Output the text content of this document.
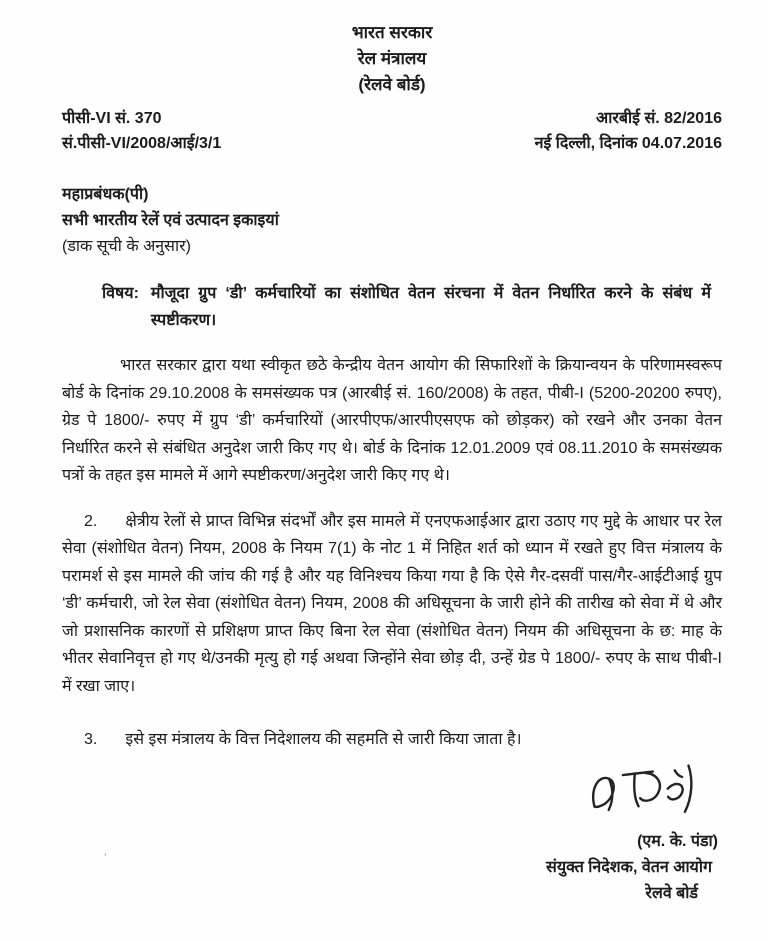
भारत सरकार
रेल मंत्रालय
(रेलवे बोर्ड)
पीसी-VI सं. 370
सं.पीसी-VI/2008/आई/3/1
आरबीई सं. 82/2016
नई दिल्ली, दिनांक 04.07.2016
महाप्रबंधक(पी)
सभी भारतीय रेलें एवं उत्पादन इकाइयां
(डाक सूची के अनुसार)
विषय: मौजूदा ग्रुप ‘डी’ कर्मचारियों का संशोधित वेतन संरचना में वेतन निर्धारित करने के संबंध में स्पष्टीकरण।

भारत सरकार द्वारा यथा स्वीकृत छठे केन्द्रीय वेतन आयोग की सिफारिशों के क्रियान्वयन के परिणामस्वरूप बोर्ड के दिनांक 29.10.2008 के समसंख्यक पत्र (आरबीई सं. 160/2008) के तहत, पीबी-I (5200-20200 रुपए), ग्रेड पे 1800/- रुपए में ग्रुप ‘डी’ कर्मचारियों (आरपीएफ/आरपीएसएफ को छोड़कर) को रखने और उनका वेतन निर्धारित करने से संबंधित अनुदेश जारी किए गए थे। बोर्ड के दिनांक 12.01.2009 एवं 08.11.2010 के समसंख्यक पत्रों के तहत इस मामले में आगे स्पष्टीकरण/अनुदेश जारी किए गए थे।

2. क्षेत्रीय रेलों से प्राप्त विभिन्न संदर्भों और इस मामले में एनएफआईआर द्वारा उठाए गए मुद्दे के आधार पर रेल सेवा (संशोधित वेतन) नियम, 2008 के नियम 7(1) के नोट 1 में निहित शर्त को ध्यान में रखते हुए वित्त मंत्रालय के परामर्श से इस मामले की जांच की गई है और यह विनिश्चय किया गया है कि ऐसे गैर-दसवीं पास/गैर-आईटीआई ग्रुप ‘डी’ कर्मचारी, जो रेल सेवा (संशोधित वेतन) नियम, 2008 की अधिसूचना के जारी होने की तारीख को सेवा में थे और जो प्रशासनिक कारणों से प्रशिक्षण प्राप्त किए बिना रेल सेवा (संशोधित वेतन) नियम की अधिसूचना के छ: माह के भीतर सेवानिवृत्त हो गए थे/उनकी मृत्यु हो गई अथवा जिन्होंने सेवा छोड़ दी, उन्हें ग्रेड पे 1800/- रुपए के साथ पीबी-I में रखा जाए।

3. इसे इस मंत्रालय के वित्त निदेशालय की सहमति से जारी किया जाता है।

(एम. के. पंडा)
संयुक्त निदेशक, वेतन आयोग
रेलवे बोर्ड
’
